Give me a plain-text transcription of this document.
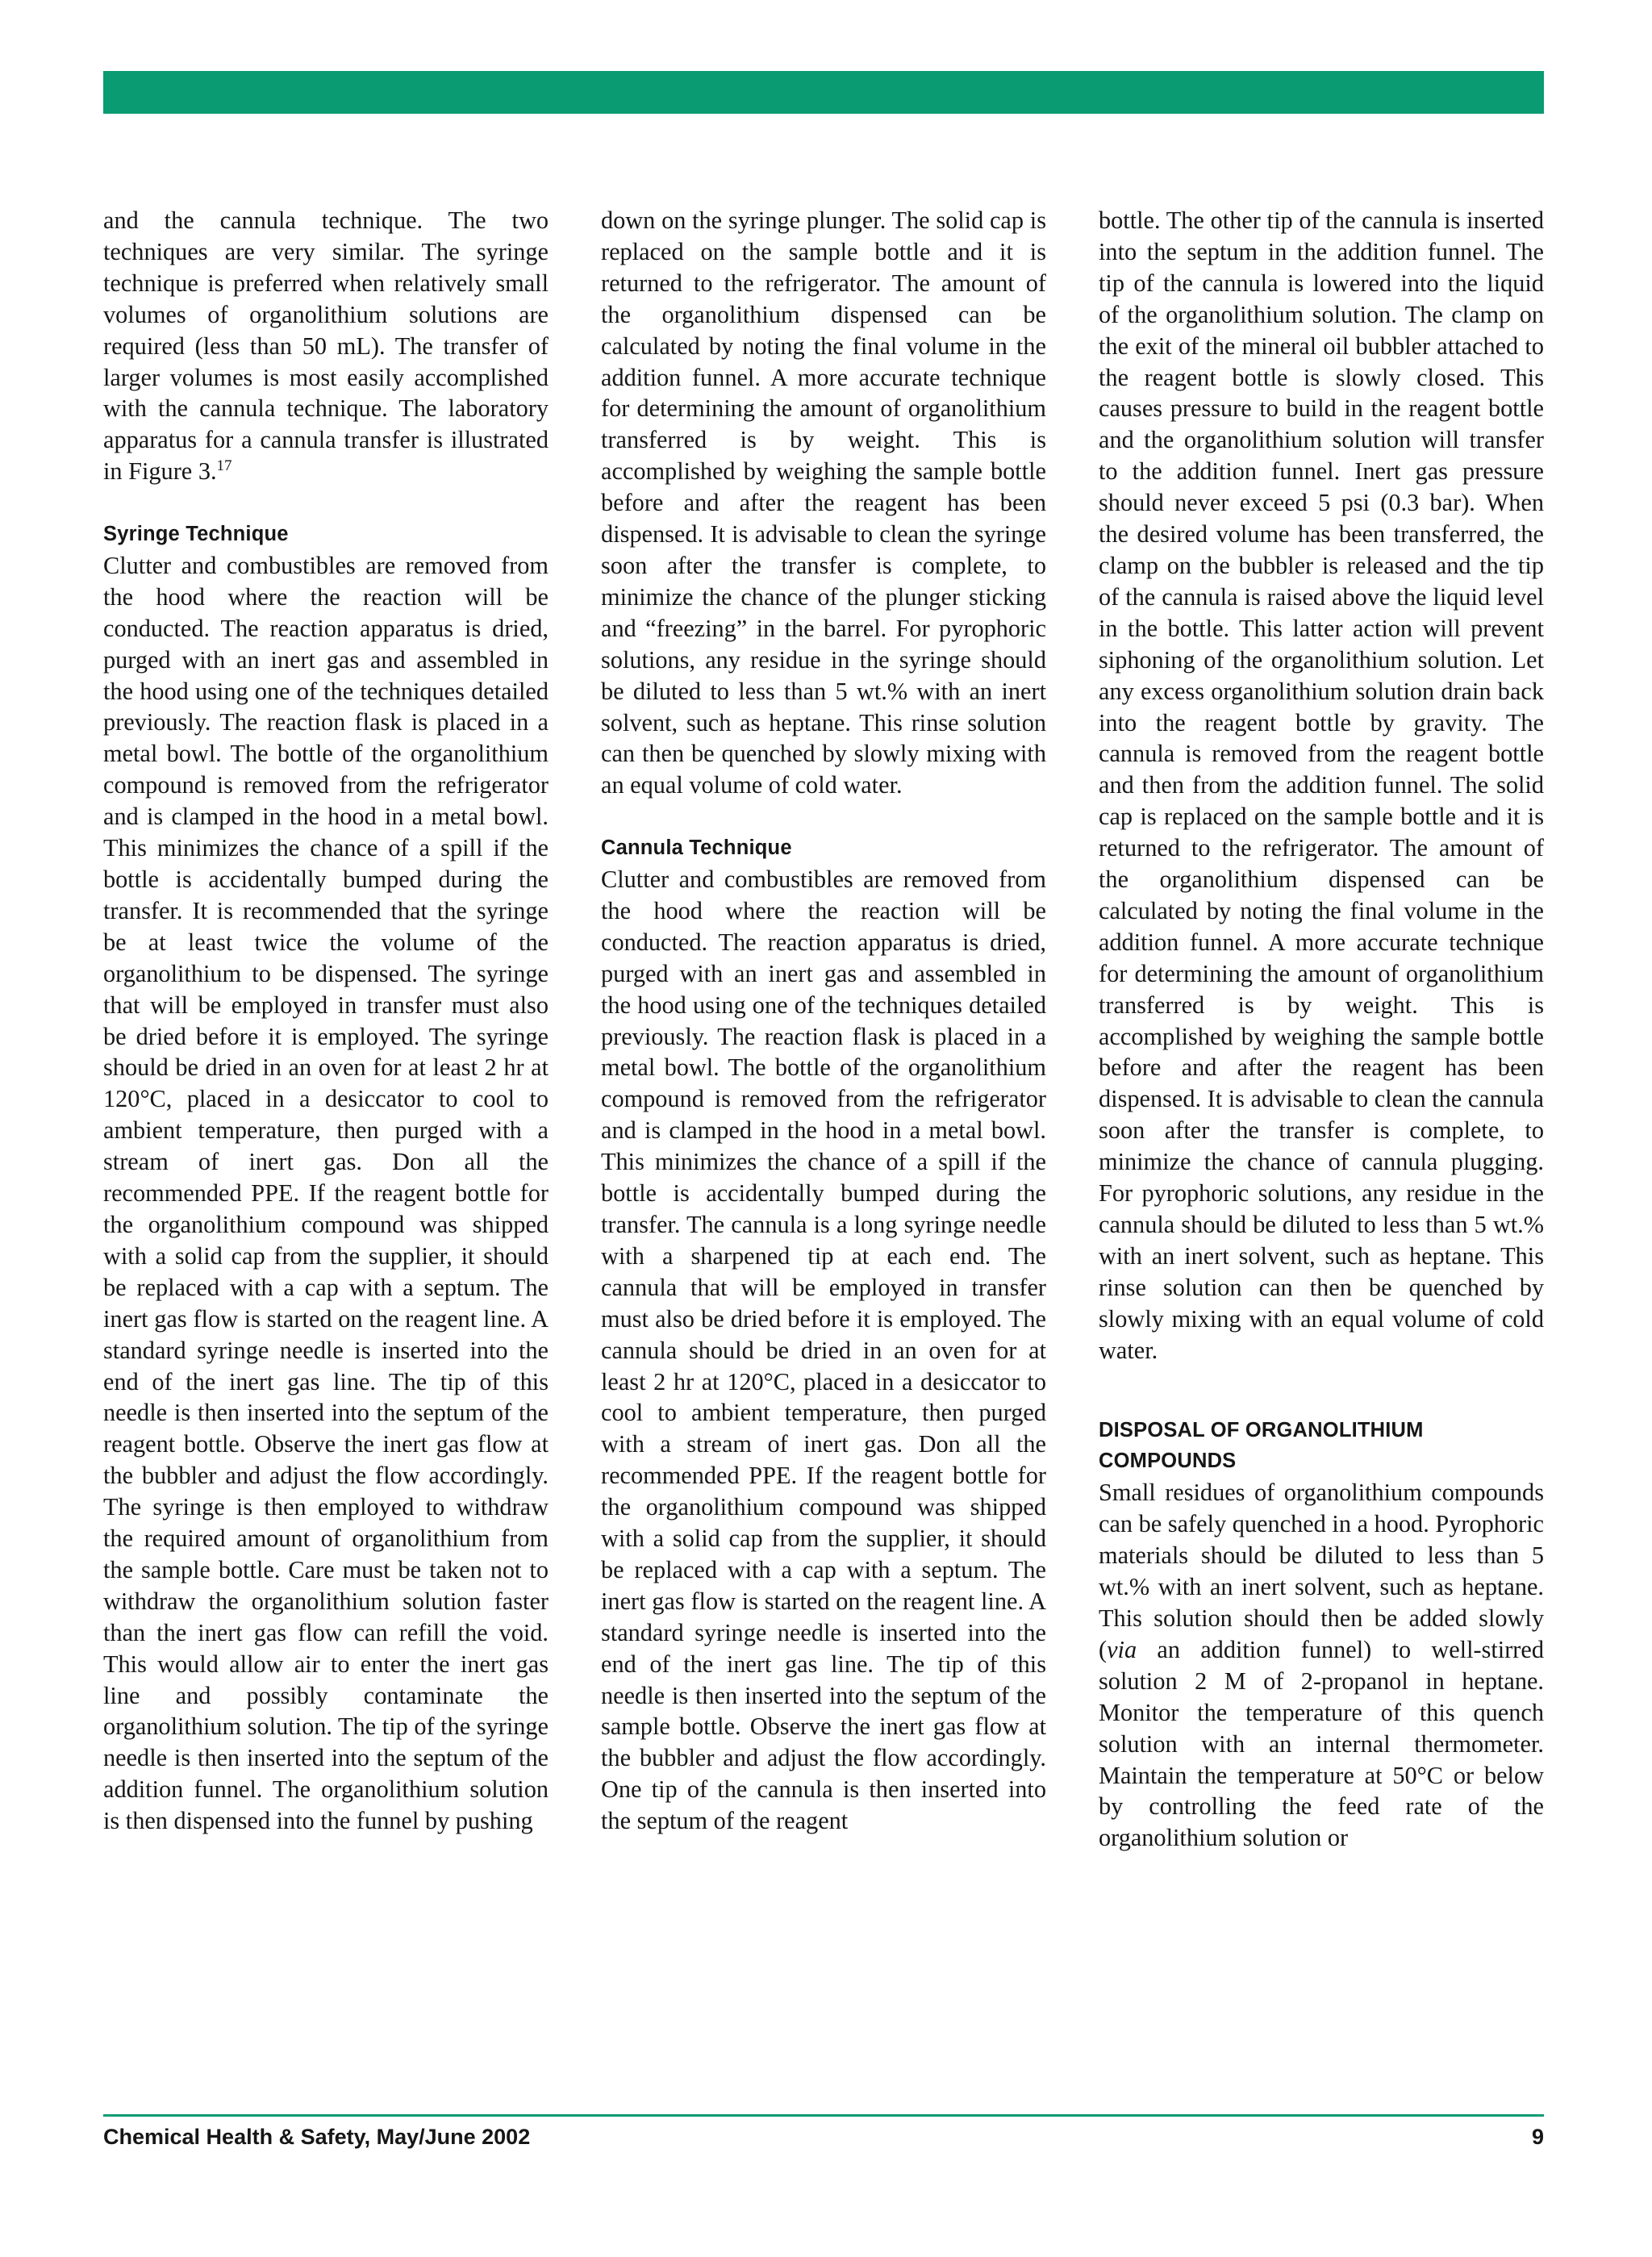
and the cannula technique. The two techniques are very similar. The syringe technique is preferred when relatively small volumes of organolithium solutions are required (less than 50 mL). The transfer of larger volumes is most easily accomplished with the cannula technique. The laboratory apparatus for a cannula transfer is illustrated in Figure 3.17

Syringe Technique

Clutter and combustibles are removed from the hood where the reaction will be conducted. The reaction apparatus is dried, purged with an inert gas and assembled in the hood using one of the techniques detailed previously. The reaction flask is placed in a metal bowl. The bottle of the organolithium compound is removed from the refrigerator and is clamped in the hood in a metal bowl. This minimizes the chance of a spill if the bottle is accidentally bumped during the transfer. It is recommended that the syringe be at least twice the volume of the organolithium to be dispensed. The syringe that will be employed in transfer must also be dried before it is employed. The syringe should be dried in an oven for at least 2 hr at 120°C, placed in a desiccator to cool to ambient temperature, then purged with a stream of inert gas. Don all the recommended PPE. If the reagent bottle for the organolithium compound was shipped with a solid cap from the supplier, it should be replaced with a cap with a septum. The inert gas flow is started on the reagent line. A standard syringe needle is inserted into the end of the inert gas line. The tip of this needle is then inserted into the septum of the reagent bottle. Observe the inert gas flow at the bubbler and adjust the flow accordingly. The syringe is then employed to withdraw the required amount of organolithium from the sample bottle. Care must be taken not to withdraw the organolithium solution faster than the inert gas flow can refill the void. This would allow air to enter the inert gas line and possibly contaminate the organolithium solution. The tip of the syringe needle is then inserted into the septum of the addition funnel. The organolithium solution is then dispensed into the funnel by pushing

down on the syringe plunger. The solid cap is replaced on the sample bottle and it is returned to the refrigerator. The amount of the organolithium dispensed can be calculated by noting the final volume in the addition funnel. A more accurate technique for determining the amount of organolithium transferred is by weight. This is accomplished by weighing the sample bottle before and after the reagent has been dispensed. It is advisable to clean the syringe soon after the transfer is complete, to minimize the chance of the plunger sticking and “freezing” in the barrel. For pyrophoric solutions, any residue in the syringe should be diluted to less than 5 wt.% with an inert solvent, such as heptane. This rinse solution can then be quenched by slowly mixing with an equal volume of cold water.

Cannula Technique

Clutter and combustibles are removed from the hood where the reaction will be conducted. The reaction apparatus is dried, purged with an inert gas and assembled in the hood using one of the techniques detailed previously. The reaction flask is placed in a metal bowl. The bottle of the organolithium compound is removed from the refrigerator and is clamped in the hood in a metal bowl. This minimizes the chance of a spill if the bottle is accidentally bumped during the transfer. The cannula is a long syringe needle with a sharpened tip at each end. The cannula that will be employed in transfer must also be dried before it is employed. The cannula should be dried in an oven for at least 2 hr at 120°C, placed in a desiccator to cool to ambient temperature, then purged with a stream of inert gas. Don all the recommended PPE. If the reagent bottle for the organolithium compound was shipped with a solid cap from the supplier, it should be replaced with a cap with a septum. The inert gas flow is started on the reagent line. A standard syringe needle is inserted into the end of the inert gas line. The tip of this needle is then inserted into the septum of the sample bottle. Observe the inert gas flow at the bubbler and adjust the flow accordingly. One tip of the cannula is then inserted into the septum of the reagent

bottle. The other tip of the cannula is inserted into the septum in the addition funnel. The tip of the cannula is lowered into the liquid of the organolithium solution. The clamp on the exit of the mineral oil bubbler attached to the reagent bottle is slowly closed. This causes pressure to build in the reagent bottle and the organolithium solution will transfer to the addition funnel. Inert gas pressure should never exceed 5 psi (0.3 bar). When the desired volume has been transferred, the clamp on the bubbler is released and the tip of the cannula is raised above the liquid level in the bottle. This latter action will prevent siphoning of the organolithium solution. Let any excess organolithium solution drain back into the reagent bottle by gravity. The cannula is removed from the reagent bottle and then from the addition funnel. The solid cap is replaced on the sample bottle and it is returned to the refrigerator. The amount of the organolithium dispensed can be calculated by noting the final volume in the addition funnel. A more accurate technique for determining the amount of organolithium transferred is by weight. This is accomplished by weighing the sample bottle before and after the reagent has been dispensed. It is advisable to clean the cannula soon after the transfer is complete, to minimize the chance of cannula plugging. For pyrophoric solutions, any residue in the cannula should be diluted to less than 5 wt.% with an inert solvent, such as heptane. This rinse solution can then be quenched by slowly mixing with an equal volume of cold water.

DISPOSAL OF ORGANOLITHIUM COMPOUNDS

Small residues of organolithium compounds can be safely quenched in a hood. Pyrophoric materials should be diluted to less than 5 wt.% with an inert solvent, such as heptane. This solution should then be added slowly (via an addition funnel) to well-stirred solution 2 M of 2-propanol in heptane. Monitor the temperature of this quench solution with an internal thermometer. Maintain the temperature at 50°C or below by controlling the feed rate of the organolithium solution or

Chemical Health & Safety, May/June 2002	9
